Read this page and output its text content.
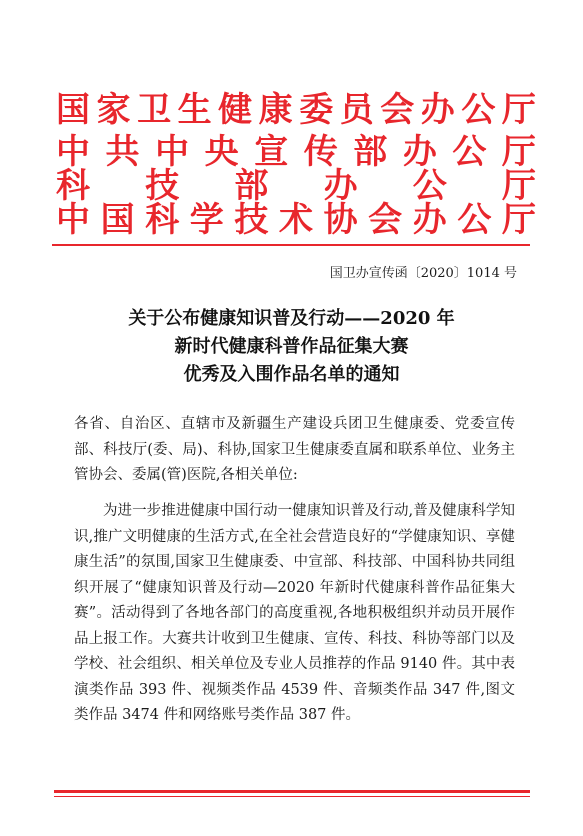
国 家 卫 生 健 康 委 员 会 办 公 厅
中 共 中 央 宣 传 部 办 公 厅
科 技 部 办 公 厅
中 国 科 学 技 术 协 会 办 公 厅
国卫办宣传函〔2020〕1014 号
关于公布健康知识普及行动——2020 年
新时代健康科普作品征集大赛
优秀及入围作品名单的通知
各省、自治区、直辖市及新疆生产建设兵团卫生健康委、党委宣传部、科技厅(委、局)、科协,国家卫生健康委直属和联系单位、业务主管协会、委属(管)医院,各相关单位:
为进一步推进健康中国行动一健康知识普及行动,普及健康科学知识,推广文明健康的生活方式,在全社会营造良好的“学健康知识、享健康生活”的氛围,国家卫生健康委、中宣部、科技部、中国科协共同组织开展了“健康知识普及行动—2020 年新时代健康科普作品征集大赛”。活动得到了各地各部门的高度重视,各地积极组织并动员开展作品上报工作。大赛共计收到卫生健康、宣传、科技、科协等部门以及学校、社会组织、相关单位及专业人员推荐的作品 9140 件。其中表演类作品 393 件、视频类作品 4539 件、音频类作品 347 件,图文类作品 3474 件和网络账号类作品 387 件。
